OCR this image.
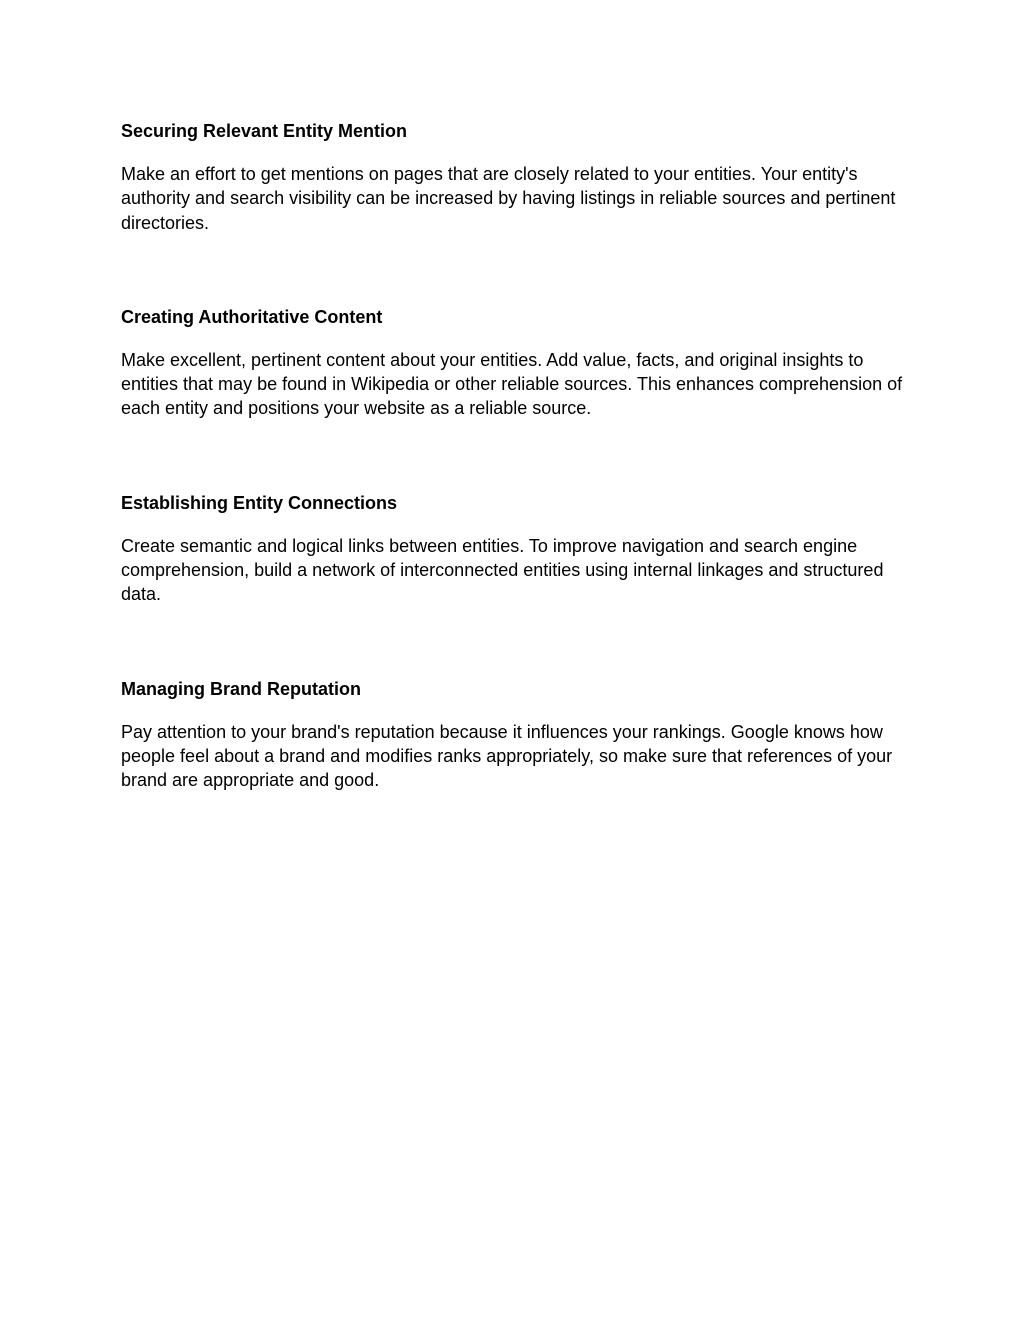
Securing Relevant Entity Mention

Make an effort to get mentions on pages that are closely related to your entities. Your entity's authority and search visibility can be increased by having listings in reliable sources and pertinent directories.

Creating Authoritative Content

Make excellent, pertinent content about your entities. Add value, facts, and original insights to entities that may be found in Wikipedia or other reliable sources. This enhances comprehension of each entity and positions your website as a reliable source.

Establishing Entity Connections

Create semantic and logical links between entities. To improve navigation and search engine comprehension, build a network of interconnected entities using internal linkages and structured data.

Managing Brand Reputation

Pay attention to your brand's reputation because it influences your rankings. Google knows how people feel about a brand and modifies ranks appropriately, so make sure that references of your brand are appropriate and good.
